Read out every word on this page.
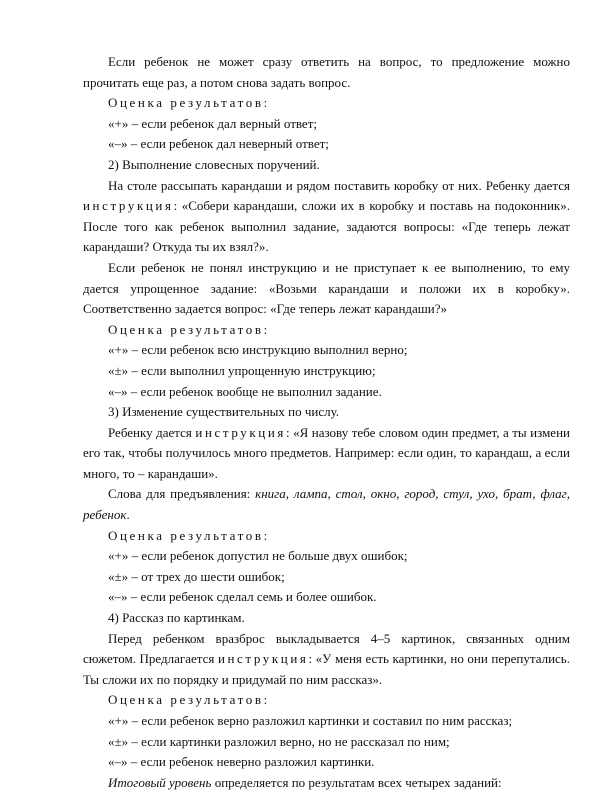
Если ребенок не может сразу ответить на вопрос, то предложение можно прочитать еще раз, а потом снова задать вопрос.

Оценка результатов:

«+» – если ребенок дал верный ответ;

«–» – если ребенок дал неверный ответ;

2) Выполнение словесных поручений.

На столе рассыпать карандаши и рядом поставить коробку от них. Ребенку дается инструкция: «Собери карандаши, сложи их в коробку и поставь на подоконник». После того как ребенок выполнил задание, задаются вопросы: «Где теперь лежат карандаши? Откуда ты их взял?».

Если ребенок не понял инструкцию и не приступает к ее выполнению, то ему дается упрощенное задание: «Возьми карандаши и положи их в коробку». Соответственно задается вопрос: «Где теперь лежат карандаши?»

Оценка результатов:

«+» – если ребенок всю инструкцию выполнил верно;

«±» – если выполнил упрощенную инструкцию;

«–» – если ребенок вообще не выполнил задание.

3) Изменение существительных по числу.

Ребенку дается инструкция: «Я назову тебе словом один предмет, а ты измени его так, чтобы получилось много предметов. Например: если один, то карандаш, а если много, то – карандаши».

Слова для предъявления: книга, лампа, стол, окно, город, стул, ухо, брат, флаг, ребенок.

Оценка результатов:

«+» – если ребенок допустил не больше двух ошибок;

«±» – от трех до шести ошибок;

«–» – если ребенок сделал семь и более ошибок.

4) Рассказ по картинкам.

Перед ребенком вразброс выкладывается 4–5 картинок, связанных одним сюжетом. Предлагается инструкция: «У меня есть картинки, но они перепутались. Ты сложи их по порядку и придумай по ним рассказ».

Оценка результатов:

«+» – если ребенок верно разложил картинки и составил по ним рассказ;

«±» – если картинки разложил верно, но не рассказал по ним;

«–» – если ребенок неверно разложил картинки.

Итоговый уровень определяется по результатам всех четырех заданий:
